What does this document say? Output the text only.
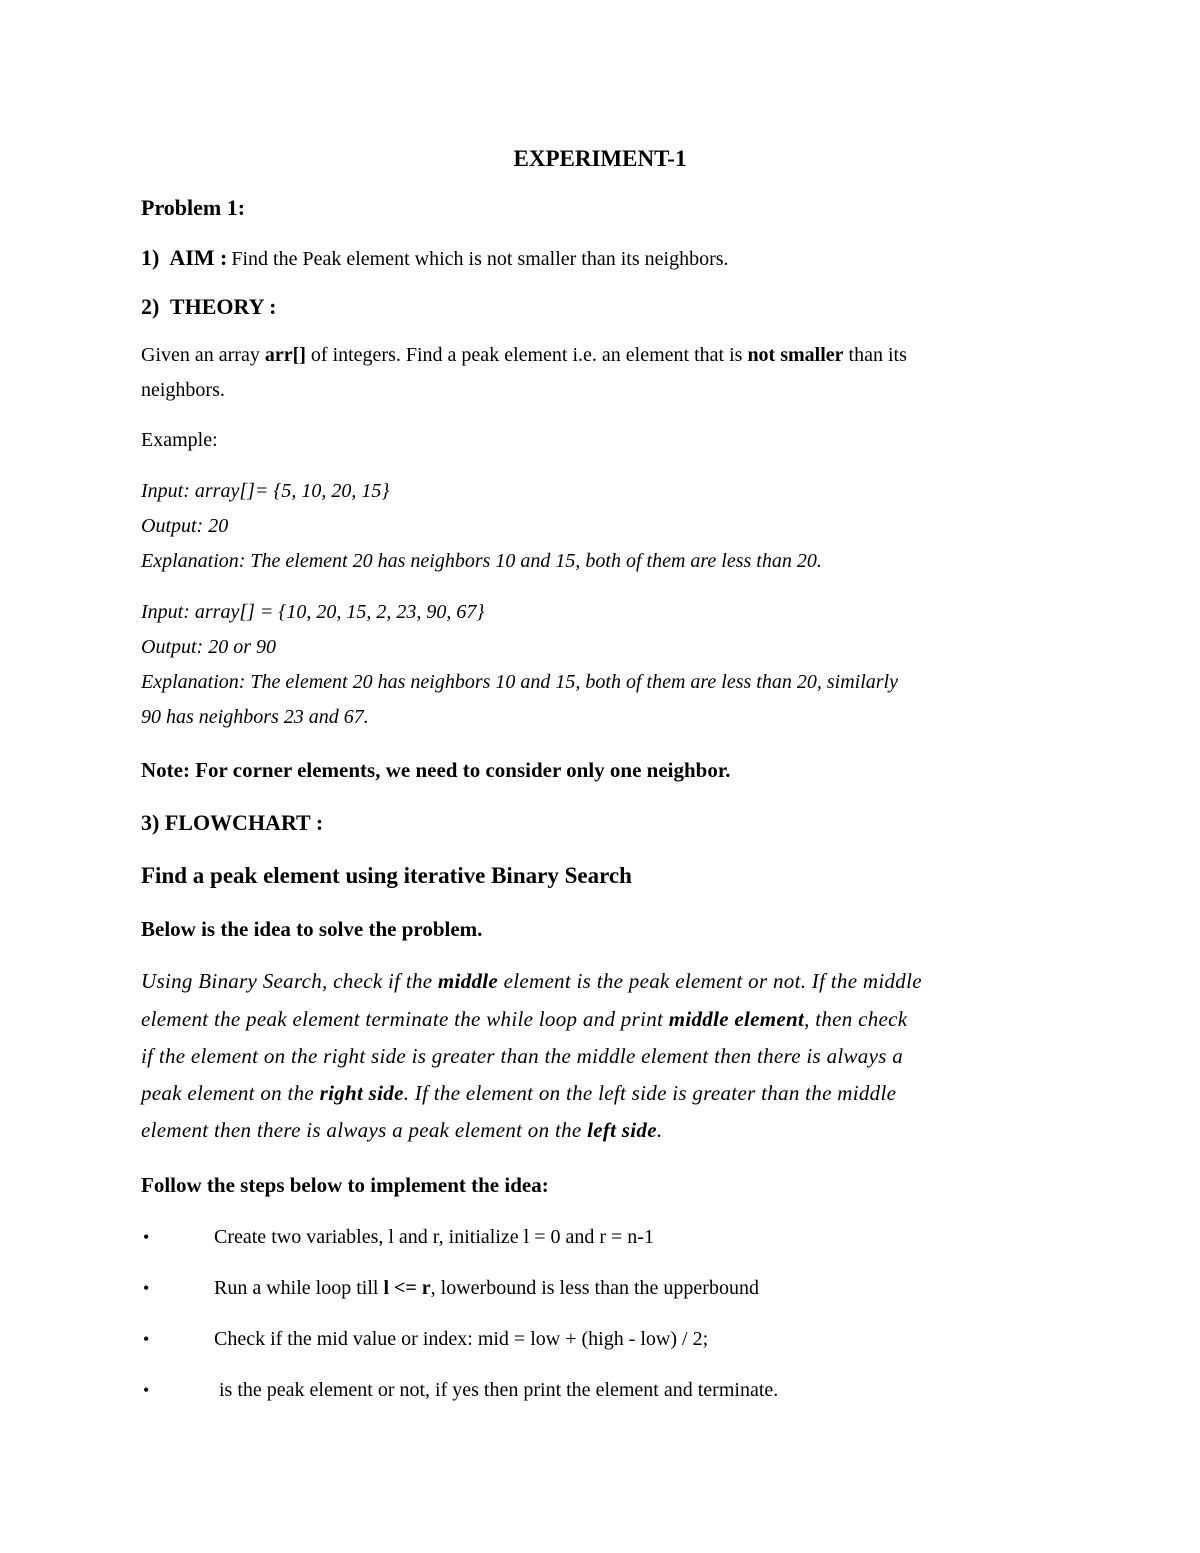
EXPERIMENT-1
Problem 1:
1) AIM : Find the Peak element which is not smaller than its neighbors.
2)  THEORY :
Given an array arr[] of integers. Find a peak element i.e. an element that is not smaller than its
neighbors.
Example:
Input: array[]= {5, 10, 20, 15}
Output: 20
Explanation: The element 20 has neighbors 10 and 15, both of them are less than 20.
Input: array[] = {10, 20, 15, 2, 23, 90, 67}
Output: 20 or 90
Explanation: The element 20 has neighbors 10 and 15, both of them are less than 20, similarly
90 has neighbors 23 and 67.
Note: For corner elements, we need to consider only one neighbor.
3) FLOWCHART :
Find a peak element using iterative Binary Search
Below is the idea to solve the problem.
Using Binary Search, check if the middle element is the peak element or not. If the middle
element the peak element terminate the while loop and print middle element, then check
if the element on the right side is greater than the middle element then there is always a
peak element on the right side. If the element on the left side is greater than the middle
element then there is always a peak element on the left side.
Follow the steps below to implement the idea:
•	Create two variables, l and r, initialize l = 0 and r = n-1
•	Run a while loop till l <= r, lowerbound is less than the upperbound
•	Check if the mid value or index: mid = low + (high - low) / 2;
•	is the peak element or not, if yes then print the element and terminate.
